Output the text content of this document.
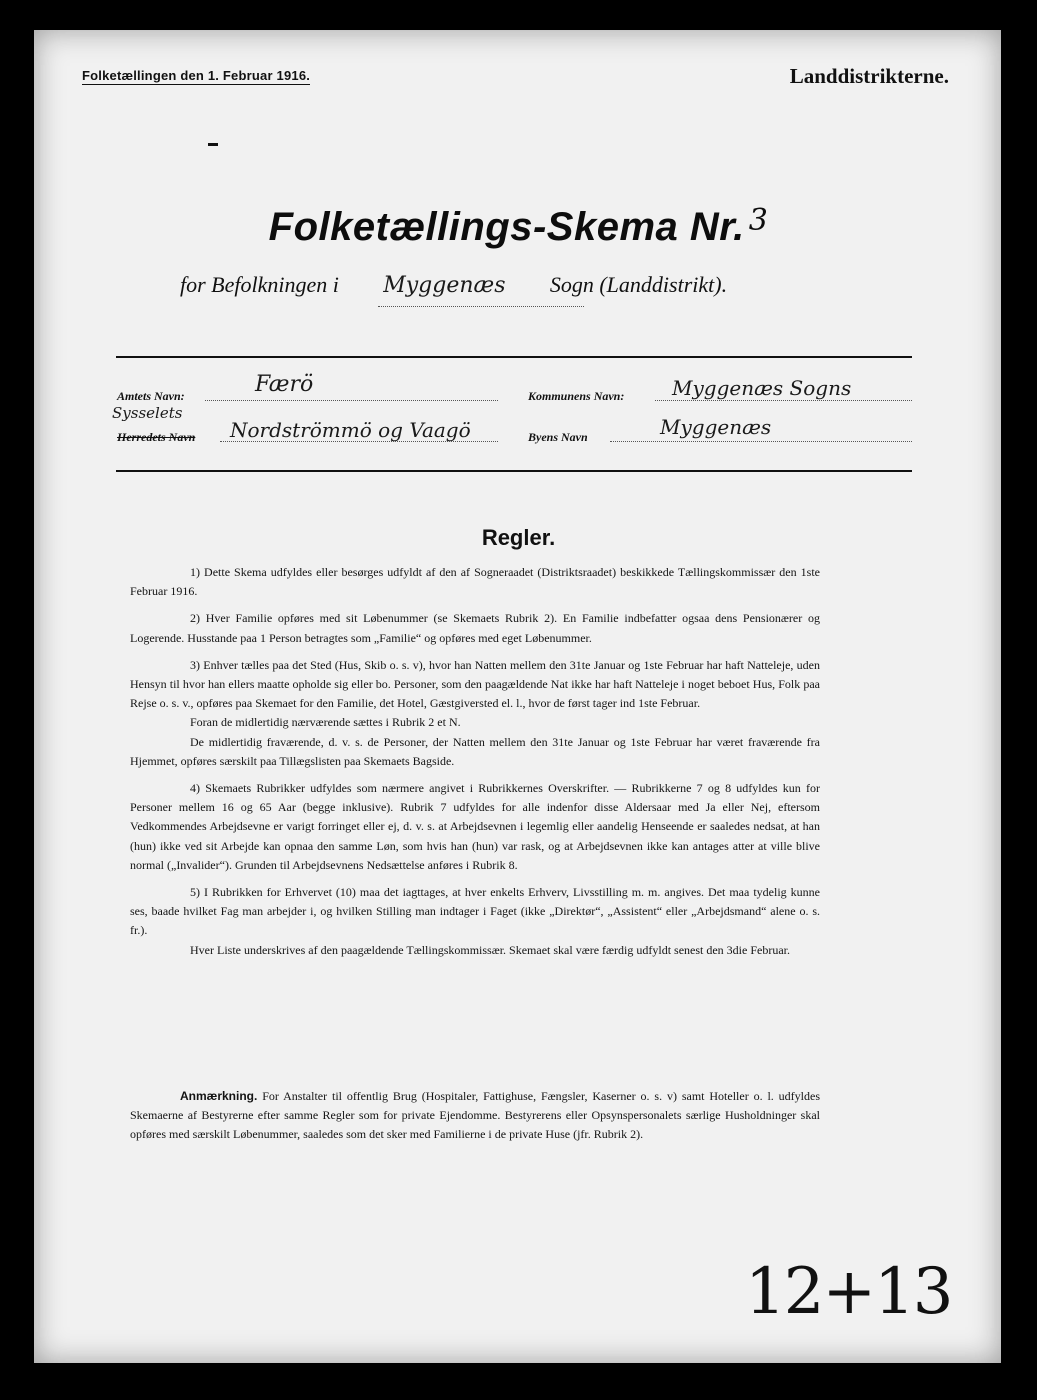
Folketællingen den 1. Februar 1916.	Landdistrikterne.
Folketællings-Skema Nr. $^3$
for Befolkningen i Myggenæs Sogn (Landdistrikt).
Amtets Navn:	Færö	Kommunens Navn: Myggenæs Sogns
Sysselets
Herredets Navn Nordströmmö og Vaagö	Byens Navn	Myggenæs
Regler.

1) Dette Skema udfyldes eller besørges udfyldt af den af Sognerаadet (Distriktsraadet) beskikkede Tællingskommissær den 1ste Februar 1916.

2) Hver Familie opføres med sit Løbenummer (se Skemaets Rubrik 2). En Familie indbefatter ogsaa dens Pensionærer og Logerende. Husstande paa 1 Person betragtes som „Familie“ og opføres med eget Løbenummer.

3) Enhver tælles paa det Sted (Hus, Skib o. s. v), hvor han Natten mellem den 31te Januar og 1ste Februar har haft Natteleje, uden Hensyn til hvor han ellers maatte opholde sig eller bo. Personer, som den paagældende Nat ikke har haft Natteleje i noget beboet Hus, Folk paa Rejse o. s. v., opføres paa Skemaet for den Familie, det Hotel, Gæstgiversted el. l., hvor de først tager ind 1ste Februar.

Foran de midlertidig nærværende sættes i Rubrik 2 et N.

De midlertidig fraværende, d. v. s. de Personer, der Natten mellem den 31te Januar og 1ste Februar har været fraværende fra Hjemmet, opføres særskilt paa Tillægslisten paa Skemaets Bagside.

4) Skemaets Rubrikker udfyldes som nærmere angivet i Rubrikkernes Overskrifter. — Rubrikkerne 7 og 8 udfyldes kun for Personer mellem 16 og 65 Aar (begge inklusive). Rubrik 7 udfyldes for alle indenfor disse Aldersaar med Ja eller Nej, eftersom Vedkommendes Arbejdsevne er varigt forringet eller ej, d. v. s. at Arbejdsevnen i legemlig eller aandelig Henseende er saaledes nedsat, at han (hun) ikke ved sit Arbejde kan opnaa den samme Løn, som hvis han (hun) var rask, og at Arbejdsevnen ikke kan antages atter at ville blive normal („Invalider“). Grunden til Arbejdsevnens Nedsættelse anføres i Rubrik 8.

5) I Rubrikken for Erhvervet (10) maa det iagttages, at hver enkelts Erhverv, Livsstilling m. m. angives. Det maa tydelig kunne ses, baade hvilket Fag man arbejder i, og hvilken Stilling man indtager i Faget (ikke „Direktør“, „Assistent“ eller „Arbejdsmand“ alene o. s. fr.).

Hver Liste underskrives af den paagældende Tællingskommissær. Skemaet skal være færdig udfyldt senest den 3die Februar.

Anmærkning. For Anstalter til offentlig Brug (Hospitaler, Fattighuse, Fængsler, Kaserner o. s. v) samt Hoteller o. l. udfyldes Skemaerne af Bestyrerne efter samme Regler som for private Ejendomme. Bestyrerens eller Opsynspersonalets særlige Husholdninger skal opføres med særskilt Løbenummer, saaledes som det sker med Familierne i de private Huse (jfr. Rubrik 2).
12+13
